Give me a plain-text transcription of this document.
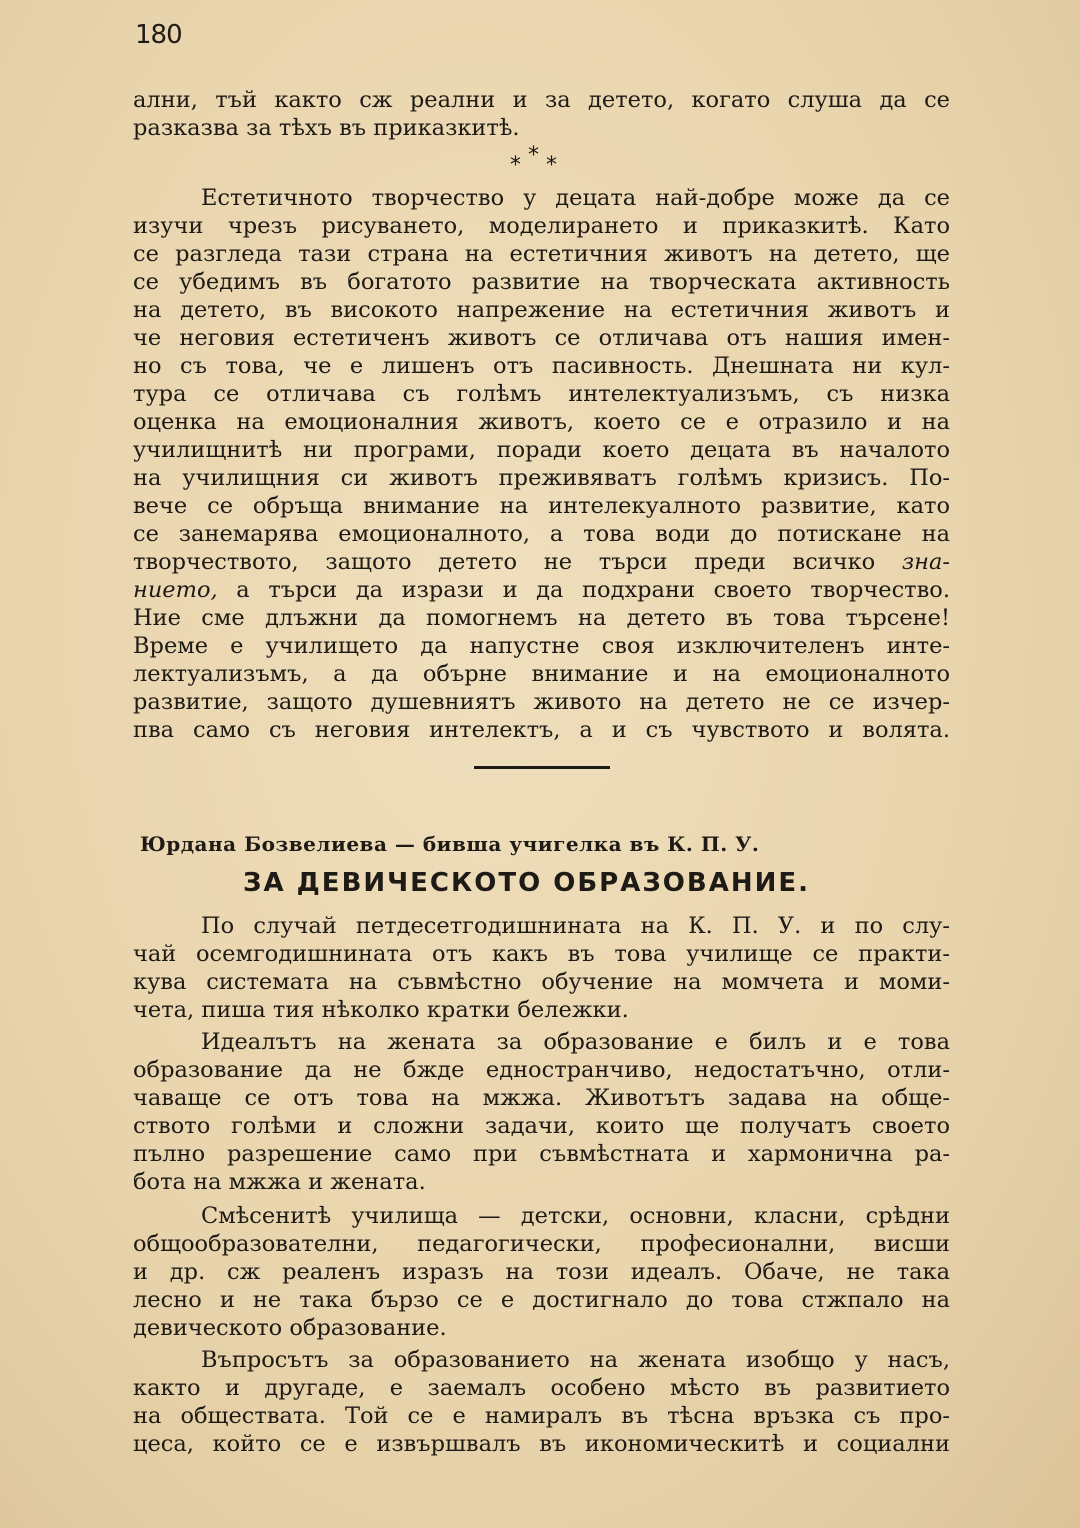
180
ални, тъй както сж реални и за детето, когато слуша да се
разказва за тѣхъ въ приказкитѣ.
* * *
Естетичното творчество у децата най-добре може да се
изучи чрезъ рисуването, моделирането и приказкитѣ. Като
се разгледа тази страна на естетичния животъ на детето, ще
се убедимъ въ богатото развитие на творческата активность
на детето, въ високото напрежение на естетичния животъ и
че неговия естетиченъ животъ се отличава отъ нашия имен-
но съ това, че е лишенъ отъ пасивность. Днешната ни кул-
тура се отличава съ голѣмъ интелектуализъмъ, съ низка
оценка на емоционалния животъ, което се е отразило и на
училищнитѣ ни програми, поради което децата въ началото
на училищния си животъ преживяватъ голѣмъ кризисъ. По-
вече се обръща внимание на интелекуалното развитие, като
се занемарява емоционалното, а това води до потискане на
творчеството, защото детето не търси преди всичко зна-
нието, а търси да изрази и да подхрани своето творчество.
Ние сме длъжни да помогнемъ на детето въ това търсене!
Време е училището да напустне своя изключителенъ инте-
лектуализъмъ, а да обърне внимание и на емоционалното
развитие, защото душевниятъ живото на детето не се изчер-
пва само съ неговия интелектъ, а и съ чувството и волята.
Юрдана Бозвелиева — бивша учигелка въ К. П. У.
ЗА ДЕВИЧЕСКОТО ОБРАЗОВАНИЕ.
По случай петдесетгодишнината на К. П. У. и по слу-
чай осемгодишнината отъ какъ въ това училище се практи-
кува системата на съвмѣстно обучение на момчета и моми-
чета, пиша тия нѣколко кратки бележки.
Идеалътъ на жената за образование е билъ и е това
образование да не бжде едностранчиво, недостатъчно, отли-
чаваще се отъ това на мжжа. Животътъ задава на обще-
ството голѣми и сложни задачи, които ще получатъ своето
пълно разрешение само при съвмѣстната и хармонична ра-
бота на мжжа и жената.
Смѣсенитѣ училища — детски, основни, класни, срѣдни
общообразователни, педагогически, професионални, висши
и др. сж реаленъ изразъ на този идеалъ. Обаче, не така
лесно и не така бързо се е достигнало до това стжпало на
девическото образование.
Въпросътъ за образованието на жената изобщо у насъ,
както и другаде, е заемалъ особено мѣсто въ развитието
на обществата. Той се е намиралъ въ тѣсна връзка съ про-
цеса, който се е извършвалъ въ икономическитѣ и социални
